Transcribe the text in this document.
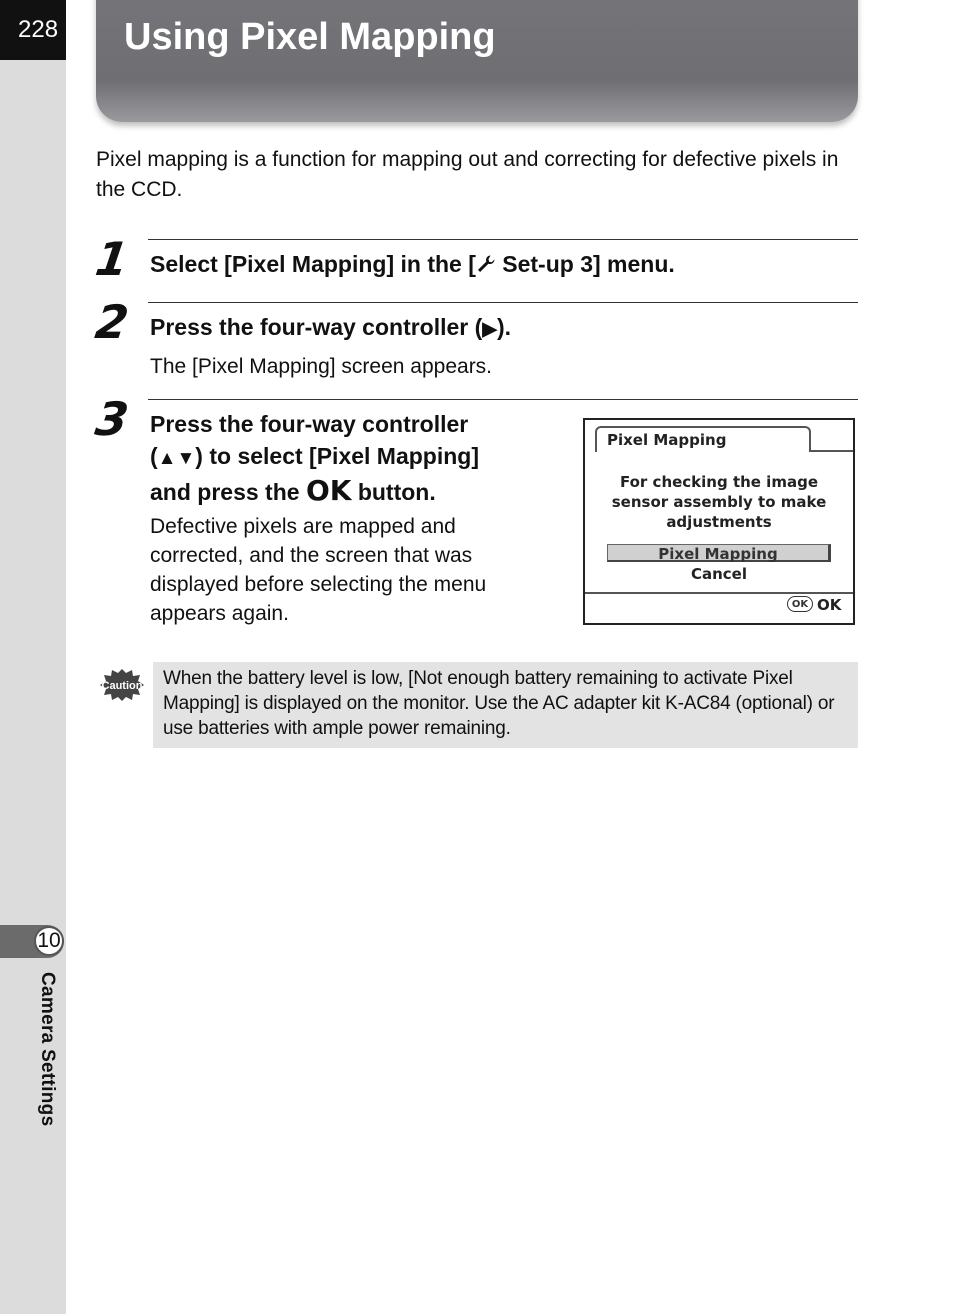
228
10
Camera Settings
Using Pixel Mapping
Pixel mapping is a function for mapping out and correcting for defective pixels in the CCD.
1 Select [Pixel Mapping] in the [ Set-up 3] menu.
2 Press the four-way controller (▶).
The [Pixel Mapping] screen appears.
3 Press the four-way controller
(▲▼) to select [Pixel Mapping]
and press the OK button.
Defective pixels are mapped and corrected, and the screen that was displayed before selecting the menu appears again.
Pixel Mapping
For checking the image
sensor assembly to make
adjustments
Pixel Mapping
Cancel
OK OK
Caution	When the battery level is low, [Not enough battery remaining to activate Pixel Mapping] is displayed on the monitor. Use the AC adapter kit K-AC84 (optional) or use batteries with ample power remaining.
